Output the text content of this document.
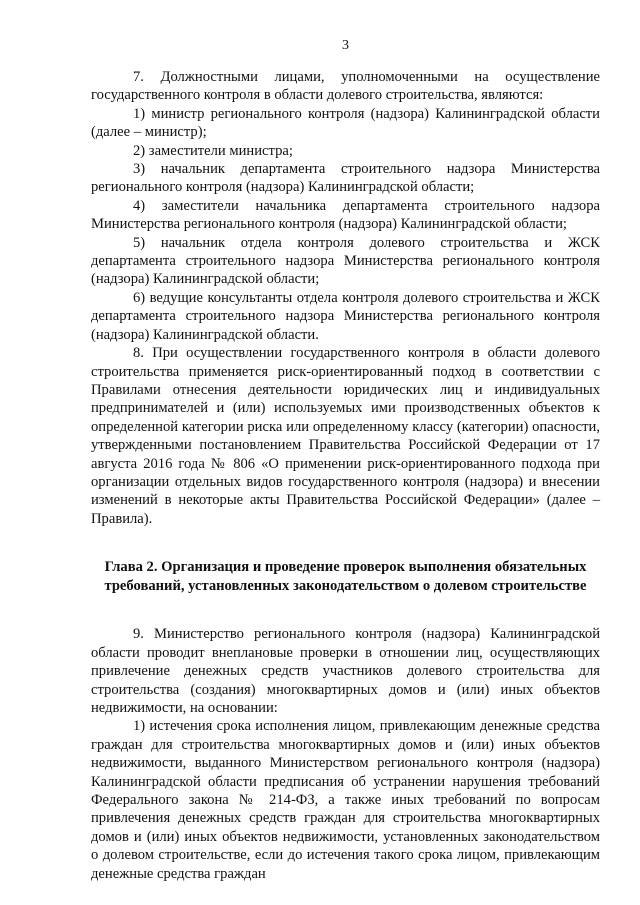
3

7. Должностными лицами, уполномоченными на осуществление государственного контроля в области долевого строительства, являются:

1) министр регионального контроля (надзора) Калининградской области (далее – министр);

2) заместители министра;

3) начальник департамента строительного надзора Министерства регионального контроля (надзора) Калининградской области;

4) заместители начальника департамента строительного надзора Министерства регионального контроля (надзора) Калининградской области;

5) начальник отдела контроля долевого строительства и ЖСК департамента строительного надзора Министерства регионального контроля (надзора) Калининградской области;

6) ведущие консультанты отдела контроля долевого строительства и ЖСК департамента строительного надзора Министерства регионального контроля (надзора) Калининградской области.

8. При осуществлении государственного контроля в области долевого строительства применяется риск-ориентированный подход в соответствии с Правилами отнесения деятельности юридических лиц и индивидуальных предпринимателей и (или) используемых ими производственных объектов к определенной категории риска или определенному классу (категории) опасности, утвержденными постановлением Правительства Российской Федерации от 17 августа 2016 года № 806 «О применении риск-ориентированного подхода при организации отдельных видов государственного контроля (надзора) и внесении изменений в некоторые акты Правительства Российской Федерации» (далее – Правила).

Глава 2. Организация и проведение проверок выполнения обязательных требований, установленных законодательством о долевом строительстве

9. Министерство регионального контроля (надзора) Калининградской области проводит внеплановые проверки в отношении лиц, осуществляющих привлечение денежных средств участников долевого строительства для строительства (создания) многоквартирных домов и (или) иных объектов недвижимости, на основании:

1) истечения срока исполнения лицом, привлекающим денежные средства граждан для строительства многоквартирных домов и (или) иных объектов недвижимости, выданного Министерством регионального контроля (надзора) Калининградской области предписания об устранении нарушения требований Федерального закона № 214-ФЗ, а также иных требований по вопросам привлечения денежных средств граждан для строительства многоквартирных домов и (или) иных объектов недвижимости, установленных законодательством о долевом строительстве, если до истечения такого срока лицом, привлекающим денежные средства граждан
